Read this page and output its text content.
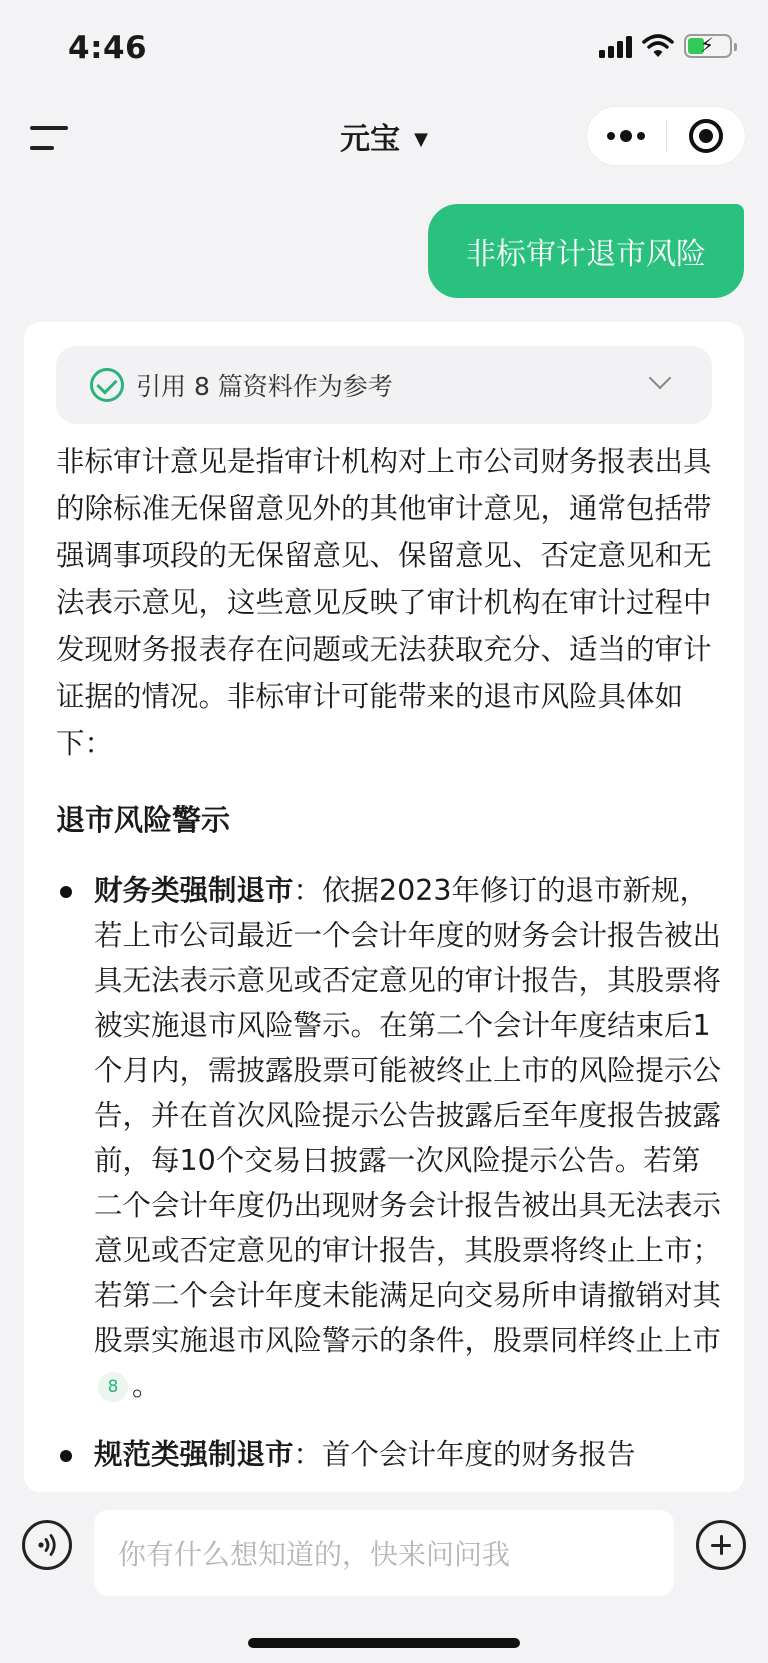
4:46	⚡
元宝 ▼
非标审计退市风险
引用 8 篇资料作为参考

非标审计意见是指审计机构对上市公司财务报表出具的除标准无保留意见外的其他审计意见，通常包括带强调事项段的无保留意见、保留意见、否定意见和无法表示意见，这些意见反映了审计机构在审计过程中发现财务报表存在问题或无法获取充分、适当的审计证据的情况。非标审计可能带来的退市风险具体如下：

退市风险警示
财务类强制退市：依据2023年修订的退市新规，若上市公司最近一个会计年度的财务会计报告被出具无法表示意见或否定意见的审计报告，其股票将被实施退市风险警示。在第二个会计年度结束后1个月内，需披露股票可能被终止上市的风险提示公告，并在首次风险提示公告披露后至年度报告披露前，每10个交易日披露一次风险提示公告。若第二个会计年度仍出现财务会计报告被出具无法表示意见或否定意见的审计报告，其股票将终止上市；若第二个会计年度未能满足向交易所申请撤销对其股票实施退市风险警示的条件，股票同样终止上市8 。
规范类强制退市：首个会计年度的财务报告
你有什么想知道的，快来问问我
